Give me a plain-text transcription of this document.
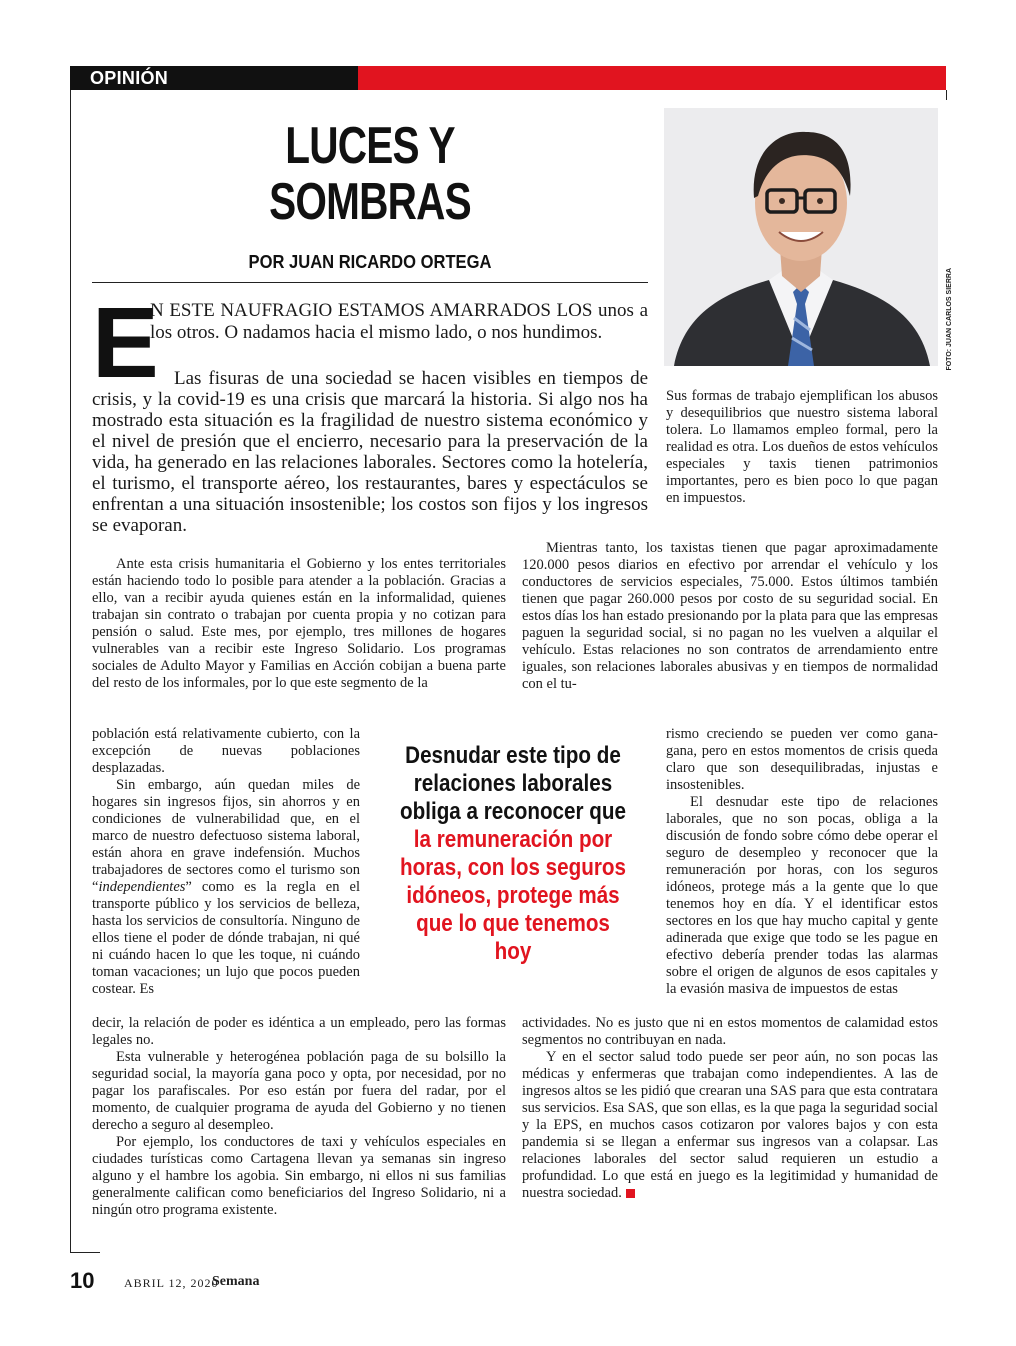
OPINIÓN
LUCES Y
SOMBRAS
POR JUAN RICARDO ORTEGA
FOTO: JUAN CARLOS SIERRA
E
N ESTE NAUFRAGIO ESTAMOS AMARRADOS LOS unos a los otros. O nadamos hacia el mismo lado, o nos hundimos.
Las fisuras de una sociedad se hacen visibles en tiempos de crisis, y la covid-19 es una crisis que marcará la historia. Si algo nos ha mostrado esta situación es la fragilidad de nuestro sistema económico y el nivel de presión que el encierro, necesario para la preservación de la vida, ha generado en las relaciones laborales. Sectores como la hotelería, el turismo, el transporte aéreo, los restaurantes, bares y espectáculos se enfrentan a una situación insostenible; los costos son fijos y los ingresos se evaporan.

Sus formas de trabajo ejemplifican los abusos y desequilibrios que nuestro sistema laboral tolera. Lo llamamos empleo formal, pero la realidad es otra. Los dueños de estos vehículos especiales y taxis tienen patrimonios importantes, pero es bien poco lo que pagan en impuestos.

Ante esta crisis humanitaria el Gobierno y los entes territoriales están haciendo todo lo posible para atender a la población. Gracias a ello, van a recibir ayuda quienes están en la informalidad, quienes trabajan sin contrato o trabajan por cuenta propia y no cotizan para pensión o salud. Este mes, por ejemplo, tres millones de hogares vulnerables van a recibir este Ingreso Solidario. Los programas sociales de Adulto Mayor y Familias en Acción cobijan a buena parte del resto de los informales, por lo que este segmento de la

Mientras tanto, los taxistas tienen que pagar aproximadamente 120.000 pesos diarios en efectivo por arrendar el vehículo y los conductores de servicios especiales, 75.000. Estos últimos también tienen que pagar 260.000 pesos por costo de su seguridad social. En estos días los han estado presionando por la plata para que las empresas paguen la seguridad social, si no pagan no les vuelven a alquilar el vehículo. Estas relaciones no son contratos de arrendamiento entre iguales, son relaciones laborales abusivas y en tiempos de normalidad con el tu-

población está relativamente cubierto, con la excepción de nuevas poblaciones desplazadas.

Sin embargo, aún quedan miles de hogares sin ingresos fijos, sin ahorros y en condiciones de vulnerabilidad que, en el marco de nuestro defectuoso sistema laboral, están ahora en grave indefensión. Muchos trabajadores de sectores como el turismo son “independientes” como es la regla en el transporte público y los servicios de belleza, hasta los servicios de consultoría. Ninguno de ellos tiene el poder de dónde trabajan, ni qué ni cuándo hacen lo que les toque, ni cuándo toman vacaciones; un lujo que pocos pueden costear. Es

Desnudar este tipo de relaciones laborales obliga a reconocer que la remuneración por horas, con los seguros idóneos, protege más que lo que tenemos hoy

rismo creciendo se pueden ver como gana-gana, pero en estos momentos de crisis queda claro que son desequilibradas, injustas e insostenibles.

El desnudar este tipo de relaciones laborales, que no son pocas, obliga a la discusión de fondo sobre cómo debe operar el seguro de desempleo y reconocer que la remuneración por horas, con los seguros idóneos, protege más a la gente que lo que tenemos hoy en día. Y el identificar estos sectores en los que hay mucho capital y gente adinerada que exige que todo se les pague en efectivo debería prender todas las alarmas sobre el origen de algunos de esos capitales y la evasión masiva de impuestos de estas

decir, la relación de poder es idéntica a un empleado, pero las formas legales no.

Esta vulnerable y heterogénea población paga de su bolsillo la seguridad social, la mayoría gana poco y opta, por necesidad, por no pagar los parafiscales. Por eso están por fuera del radar, por el momento, de cualquier programa de ayuda del Gobierno y no tienen derecho a seguro al desempleo.

Por ejemplo, los conductores de taxi y vehículos especiales en ciudades turísticas como Cartagena llevan ya semanas sin ingreso alguno y el hambre los agobia. Sin embargo, ni ellos ni sus familias generalmente califican como beneficiarios del Ingreso Solidario, ni a ningún otro programa existente.

actividades. No es justo que ni en estos momentos de calamidad estos segmentos no contribuyan en nada.

Y en el sector salud todo puede ser peor aún, no son pocas las médicas y enfermeras que trabajan como independientes. A las de ingresos altos se les pidió que crearan una SAS para que esta contratara sus servicios. Esa SAS, que son ellas, es la que paga la seguridad social y la EPS, en muchos casos cotizaron por valores bajos y con esta pandemia si se llegan a enfermar sus ingresos van a colapsar. Las relaciones laborales del sector salud requieren un estudio a profundidad. Lo que está en juego es la legitimidad y humanidad de nuestra sociedad.

10 ABRIL 12, 2020
Semana
